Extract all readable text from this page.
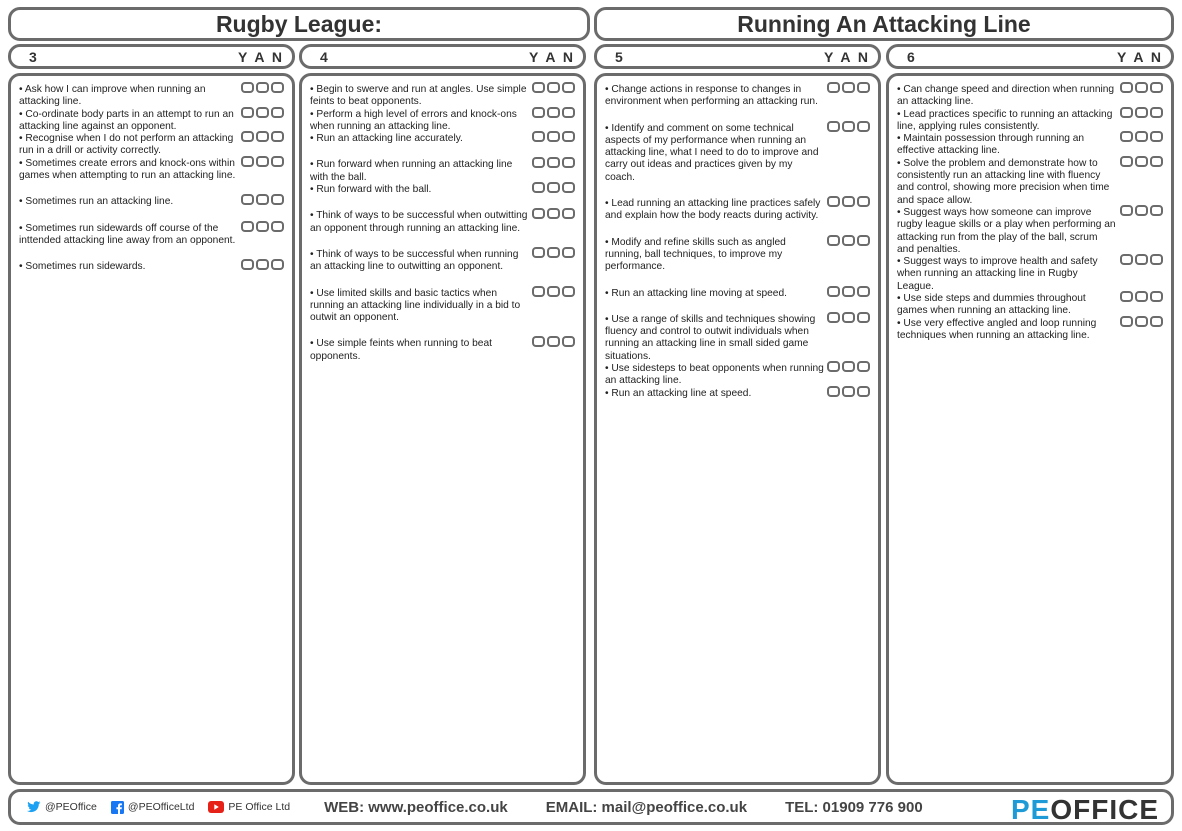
Rugby League:	Running An Attacking Line
3	Y A N	4	Y A N	5	Y A N	6	Y A N
• Ask how I can improve when running an attacking line.
• Co-ordinate body parts in an attempt to run an attacking line against an opponent.
• Recognise when I do not perform an attacking run in a drill or activity correctly.
• Sometimes create errors and knock-ons within games when attempting to run an attacking line.
• Sometimes run an attacking line.
• Sometimes run sidewards off course of the inttended attacking line away from an opponent.
• Sometimes run sidewards.
• Begin to swerve and run at angles. Use simple feints to beat opponents.
• Perform a high level of errors and knock-ons when running an attacking line.
• Run an attacking line accurately.
• Run forward when running an attacking line with the ball.
• Run forward with the ball.
• Think of ways to be successful when outwitting an opponent through running an attacking line.
• Think of ways to be successful when running an attacking line to outwitting an opponent.
• Use limited skills and basic tactics when running an attacking line individually in a bid to outwit an opponent.
• Use simple feints when running to beat opponents.
• Change actions in response to changes in environment when performing an attacking run.
• Identify and comment on some technical aspects of my performance when running an attacking line, what I need to do to improve and carry out ideas and practices given by my coach.
• Lead running an attacking line practices safely and explain how the body reacts during activity.
• Modify and refine skills such as angled running, ball techniques, to improve my performance.
• Run an attacking line moving at speed.
• Use a range of skills and techniques showing fluency and control to outwit individuals when running an attacking line in small sided game situations.
• Use sidesteps to beat opponents when running an attacking line.
• Run an attacking line at speed.
• Can change speed and direction when running an attacking line.
• Lead practices specific to running an attacking line, applying rules consistently.
• Maintain possession through running an effective attacking line.
• Solve the problem and demonstrate how to consistently run an attacking line with fluency and control, showing more precision when time and space allow.
• Suggest ways how someone can improve rugby league skills or a play when performing an attacking run from the play of the ball, scrum and penalties.
• Suggest ways to improve health and safety when running an attacking line in Rugby League.
• Use side steps and dummies throughout games when running an attacking line.
• Use very effective angled and loop running techniques when running an attacking line.
@PEOffice	@PEOfficeLtd	PE Office Ltd WEB: www.peoffice.co.uk	EMAIL: mail@peoffice.co.uk	TEL: 01909 776 900	PEOFFICE
